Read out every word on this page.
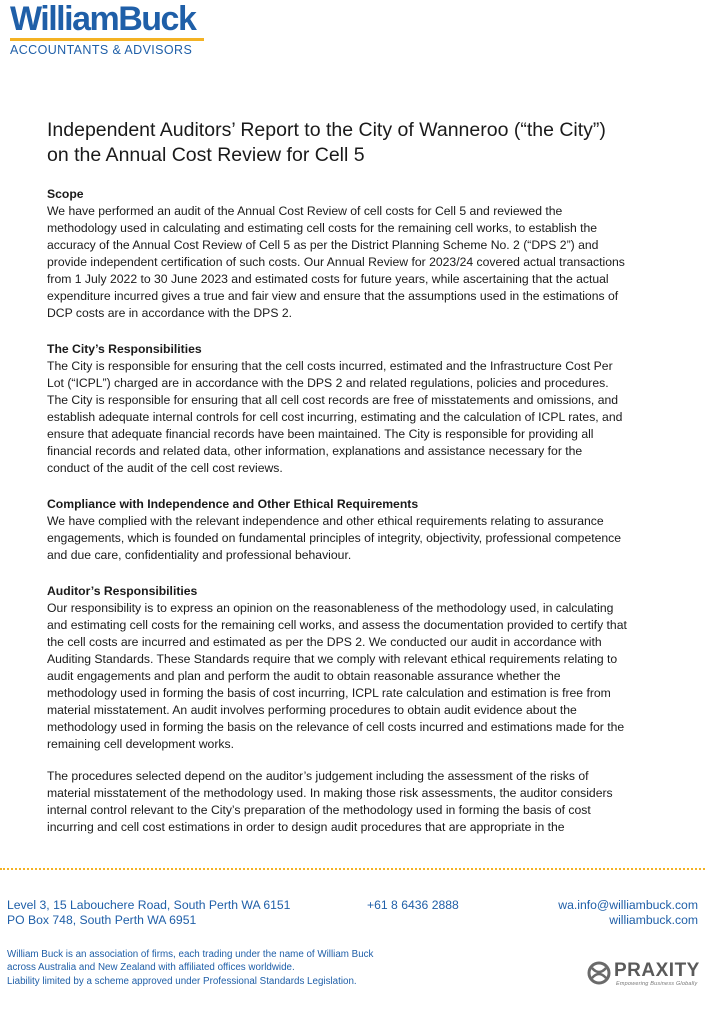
WilliamBuck
ACCOUNTANTS & ADVISORS
Independent Auditors’ Report to the City of Wanneroo (“the City”)
on the Annual Cost Review for Cell 5
Scope
We have performed an audit of the Annual Cost Review of cell costs for Cell 5 and reviewed the
methodology used in calculating and estimating cell costs for the remaining cell works, to establish the
accuracy of the Annual Cost Review of Cell 5 as per the District Planning Scheme No. 2 (“DPS 2”) and
provide independent certification of such costs. Our Annual Review for 2023/24 covered actual transactions
from 1 July 2022 to 30 June 2023 and estimated costs for future years, while ascertaining that the actual
expenditure incurred gives a true and fair view and ensure that the assumptions used in the estimations of
DCP costs are in accordance with the DPS 2.
The City’s Responsibilities
The City is responsible for ensuring that the cell costs incurred, estimated and the Infrastructure Cost Per
Lot (“ICPL”) charged are in accordance with the DPS 2 and related regulations, policies and procedures.
The City is responsible for ensuring that all cell cost records are free of misstatements and omissions, and
establish adequate internal controls for cell cost incurring, estimating and the calculation of ICPL rates, and
ensure that adequate financial records have been maintained. The City is responsible for providing all
financial records and related data, other information, explanations and assistance necessary for the
conduct of the audit of the cell cost reviews.
Compliance with Independence and Other Ethical Requirements
We have complied with the relevant independence and other ethical requirements relating to assurance
engagements, which is founded on fundamental principles of integrity, objectivity, professional competence
and due care, confidentiality and professional behaviour.
Auditor’s Responsibilities
Our responsibility is to express an opinion on the reasonableness of the methodology used, in calculating
and estimating cell costs for the remaining cell works, and assess the documentation provided to certify that
the cell costs are incurred and estimated as per the DPS 2. We conducted our audit in accordance with
Auditing Standards. These Standards require that we comply with relevant ethical requirements relating to
audit engagements and plan and perform the audit to obtain reasonable assurance whether the
methodology used in forming the basis of cost incurring, ICPL rate calculation and estimation is free from
material misstatement. An audit involves performing procedures to obtain audit evidence about the
methodology used in forming the basis on the relevance of cell costs incurred and estimations made for the
remaining cell development works.
The procedures selected depend on the auditor’s judgement including the assessment of the risks of
material misstatement of the methodology used. In making those risk assessments, the auditor considers
internal control relevant to the City’s preparation of the methodology used in forming the basis of cost
incurring and cell cost estimations in order to design audit procedures that are appropriate in the
Level 3, 15 Labouchere Road, South Perth WA 6151
PO Box 748, South Perth WA 6951
+61 8 6436 2888	wa.info@williambuck.com
williambuck.com
William Buck is an association of firms, each trading under the name of William Buck
across Australia and New Zealand with affiliated offices worldwide.
Liability limited by a scheme approved under Professional Standards Legislation.
PRAXITY
Empowering Business Globally
